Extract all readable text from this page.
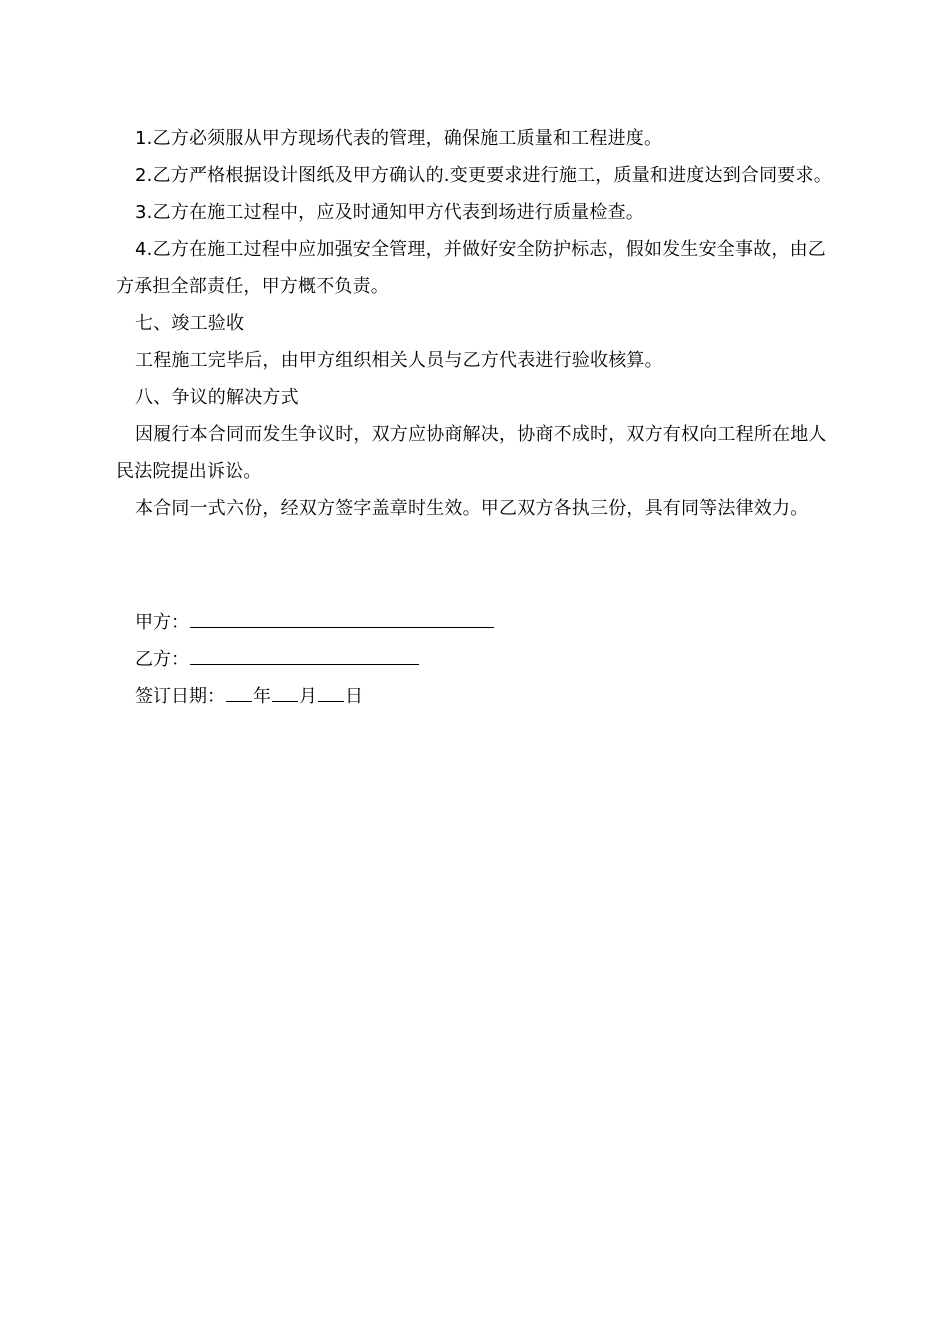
1.乙方必须服从甲方现场代表的管理，确保施工质量和工程进度。

2.乙方严格根据设计图纸及甲方确认的.变更要求进行施工，质量和进度达到合同要求。

3.乙方在施工过程中，应及时通知甲方代表到场进行质量检查。

4.乙方在施工过程中应加强安全管理，并做好安全防护标志，假如发生安全事故，由乙方承担全部责任，甲方概不负责。

七、竣工验收

工程施工完毕后，由甲方组织相关人员与乙方代表进行验收核算。

八、争议的解决方式

因履行本合同而发生争议时，双方应协商解决，协商不成时，双方有权向工程所在地人民法院提出诉讼。

本合同一式六份，经双方签字盖章时生效。甲乙双方各执三份，具有同等法律效力。

甲方：

乙方：

签订日期： 年 月 日
